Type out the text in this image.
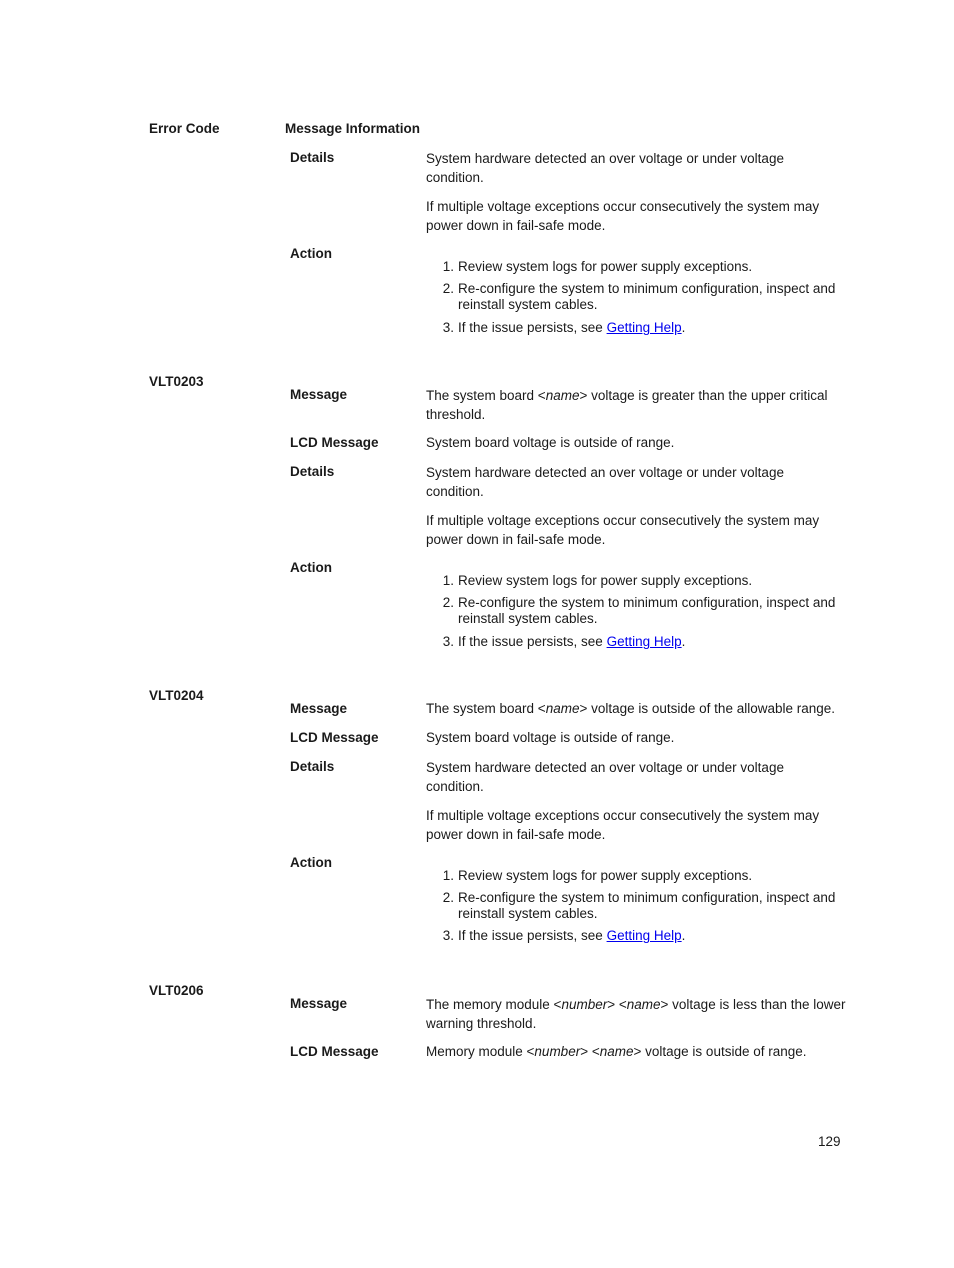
Error Code	Message Information
Details	System hardware detected an over voltage or under voltage
condition.
If multiple voltage exceptions occur consecutively the system may
power down in fail-safe mode.
Action
1. Review system logs for power supply exceptions.
2. Re-configure the system to minimum configuration, inspect and
reinstall system cables.
3. If the issue persists, see Getting Help.
VLT0203
Message	The system board <name> voltage is greater than the upper critical
threshold.
LCD Message	System board voltage is outside of range.
Details	System hardware detected an over voltage or under voltage
condition.
If multiple voltage exceptions occur consecutively the system may
power down in fail-safe mode.
Action
1. Review system logs for power supply exceptions.
2. Re-configure the system to minimum configuration, inspect and
reinstall system cables.
3. If the issue persists, see Getting Help.
VLT0204
Message	The system board <name> voltage is outside of the allowable range.
LCD Message	System board voltage is outside of range.
Details	System hardware detected an over voltage or under voltage
condition.
If multiple voltage exceptions occur consecutively the system may
power down in fail-safe mode.
Action
1. Review system logs for power supply exceptions.
2. Re-configure the system to minimum configuration, inspect and
reinstall system cables.
3. If the issue persists, see Getting Help.
VLT0206
Message	The memory module <number> <name> voltage is less than the lower
warning threshold.
LCD Message	Memory module <number> <name> voltage is outside of range.
129
